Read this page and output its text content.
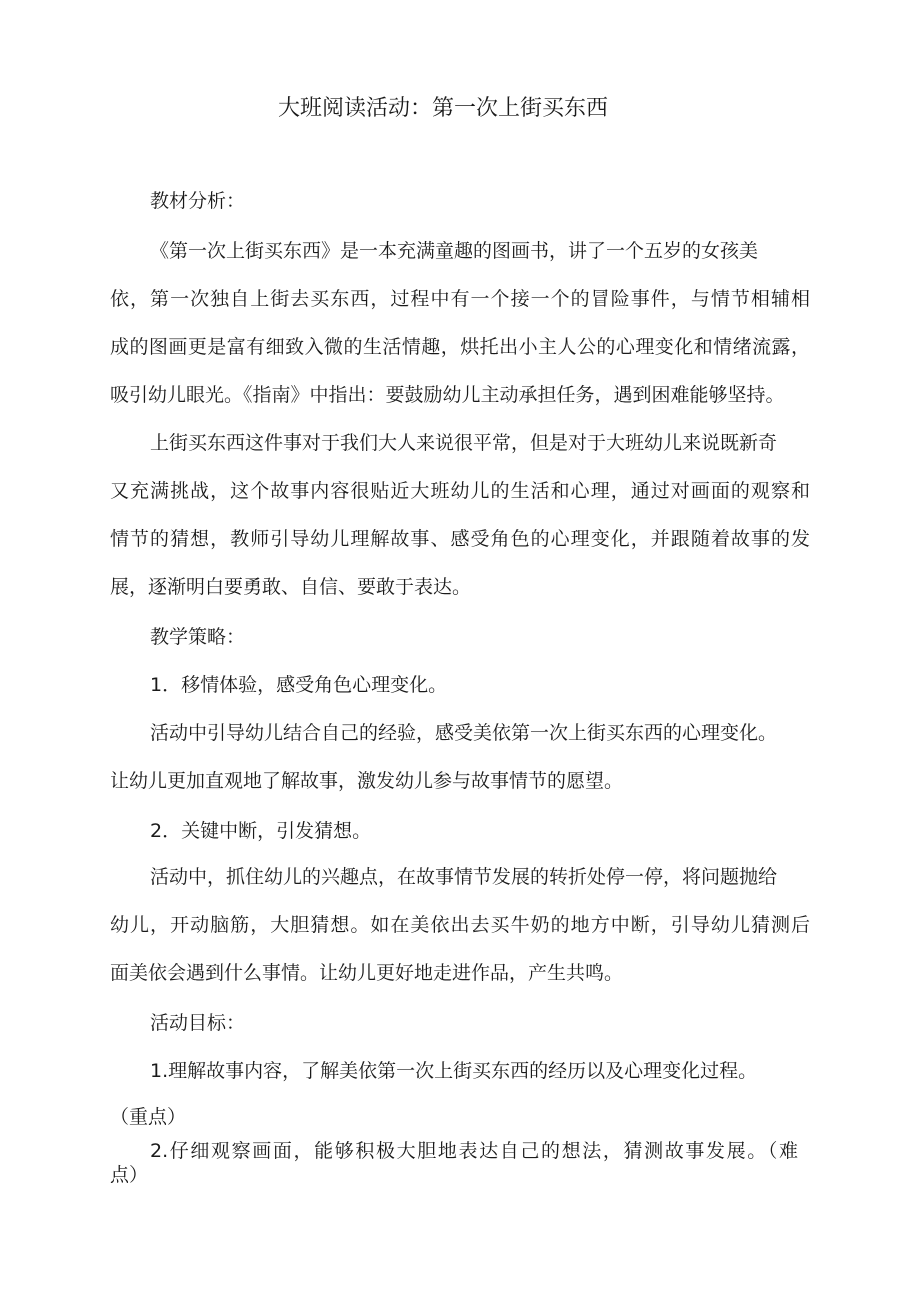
大班阅读活动：第一次上街买东西
教材分析：
《第一次上街买东西》是一本充满童趣的图画书，讲了一个五岁的女孩美
依，第一次独自上街去买东西，过程中有一个接一个的冒险事件，与情节相辅相
成的图画更是富有细致入微的生活情趣，烘托出小主人公的心理变化和情绪流露，
吸引幼儿眼光。《指南》中指出：要鼓励幼儿主动承担任务，遇到困难能够坚持。
上街买东西这件事对于我们大人来说很平常，但是对于大班幼儿来说既新奇
又充满挑战，这个故事内容很贴近大班幼儿的生活和心理，通过对画面的观察和
情节的猜想，教师引导幼儿理解故事、感受角色的心理变化，并跟随着故事的发
展，逐渐明白要勇敢、自信、要敢于表达。
教学策略：
1．移情体验，感受角色心理变化。
活动中引导幼儿结合自己的经验，感受美依第一次上街买东西的心理变化。
让幼儿更加直观地了解故事，激发幼儿参与故事情节的愿望。
2．关键中断，引发猜想。
活动中，抓住幼儿的兴趣点，在故事情节发展的转折处停一停，将问题抛给
幼儿，开动脑筋，大胆猜想。如在美依出去买牛奶的地方中断，引导幼儿猜测后
面美依会遇到什么事情。让幼儿更好地走进作品，产生共鸣。
活动目标：
1.理解故事内容，了解美依第一次上街买东西的经历以及心理变化过程。
（重点）
2.仔细观察画面，能够积极大胆地表达自己的想法，猜测故事发展。（难
点）
